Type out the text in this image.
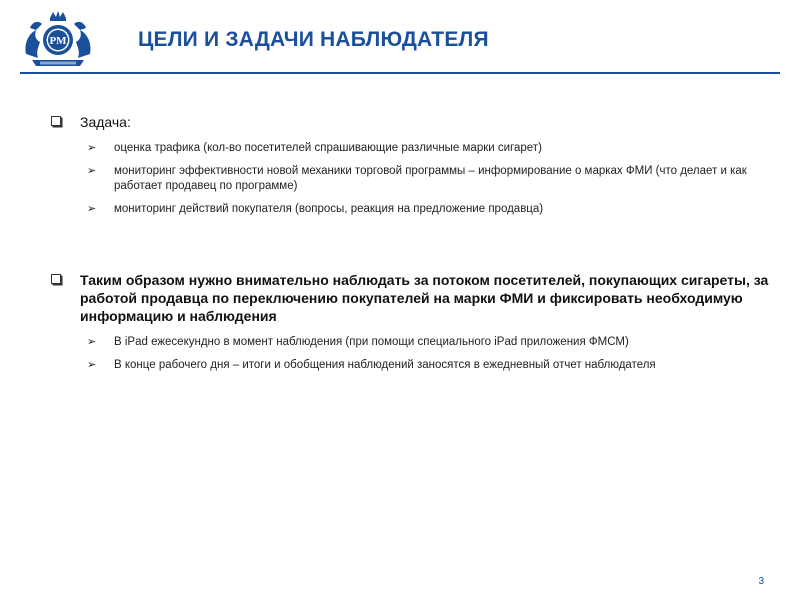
PM	ЦЕЛИ И ЗАДАЧИ НАБЛЮДАТЕЛЯ
Задача:
➢ оценка трафика (кол-во посетителей спрашивающие различные марки сигарет)
➢ мониторинг эффективности новой механики торговой программы – информирование о марках ФМИ (что делает и как работает продавец по программе)
➢ мониторинг действий покупателя (вопросы, реакция на предложение продавца)
Таким образом нужно внимательно наблюдать за потоком посетителей, покупающих сигареты, за работой продавца по переключению покупателей на марки ФМИ и фиксировать необходимую информацию и наблюдения
➢ В iPad ежесекундно в момент наблюдения (при помощи специального iPad приложения ФМСМ)
➢ В конце рабочего дня – итоги и обобщения наблюдений заносятся в ежедневный отчет наблюдателя
3
